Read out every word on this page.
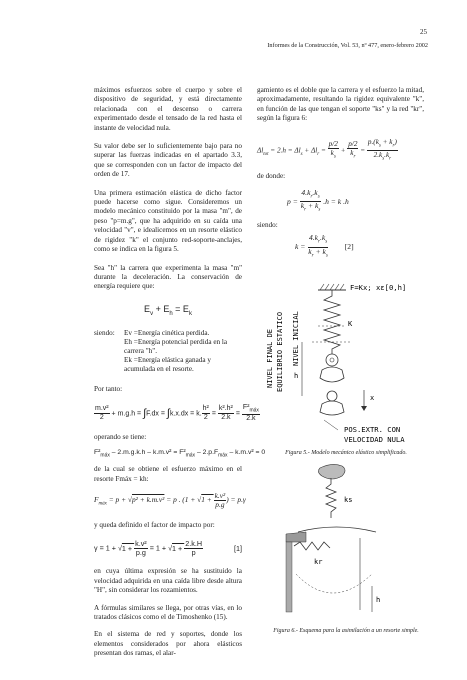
25
Informes de la Construcción, Vol. 53, nº 477, enero-febrero 2002

máximos esfuerzos sobre el cuerpo y sobre el dispositivo de seguridad, y está directamente relacionada con el descenso o carrera experimentado desde el tensado de la red hasta el instante de velocidad nula.

Su valor debe ser lo suficientemente bajo para no superar las fuerzas indicadas en el apartado 3.3, que se corresponden con un factor de impacto del orden de 17.

Una primera estimación elástica de dicho factor puede hacerse como sigue. Consideremos un modelo mecánico constituido por la masa "m", de peso "p=m.g", que ha adquirido en su caída una velocidad "v", e idealicemos en un resorte elástico de rigidez "k" el conjunto red-soporte-anclajes, como se indica en la figura 5.

Sea "h" la carrera que experimenta la masa "m" durante la deceleración. La conservación de energía requiere que:

$E_v + E_h = E_k$
siendo: Ev =Energía cinética perdida.
Eh =Energía potencial perdida en la carrera "h".
Ek =Energía elástica ganada y acumulada en el resorte.

Por tanto:

$\frac{\text{m.v²}}{2} + m.g.h = \int F.dx = \int k.x.dx = k$. $\frac{\text{h²}}{2} = \frac{\text{k².h²}}{2.k} = \frac{F^2_{máx}}{2.k}$

operando se tiene:

$F^2_{máx} - 2.m.g.k.h - k.m.v^2 = F^2_{máx} - 2.p.F_{máx} - k.m.v^2 = 0$

de la cual se obtiene el esfuerzo máximo en el resorte Fmáx = kh:

$F_{máx} = p + √p^2 + k.m.v^2 = p$ . ($1 + √1 + \frac{\text{k.v²}}{p.g}$ ) = p.γ

y queda definido el factor de impacto por:

$\gamma = 1 + √1 + \frac{\text{k.v²}}{p.g} = 1 + √1 + \frac{2.k.H}{p}$	[1]

en cuya última expresión se ha sustituido la velocidad adquirida en una caída libre desde altura "H", sin considerar los rozamientos.

A fórmulas similares se llega, por otras vías, en lo tratados clásicos como el de Timoshenko (15).

En el sistema de red y soportes, donde los elementos considerados por ahora elásticos presentan dos ramas, el alar-

gamiento es el doble que la carrera y el esfuerzo la mitad, aproximadamente, resultando la rigidez equivalente "k", en función de las que tengan el soporte "ks" y la red "kr", según la figura 6:

$\Delta l_{tot} = 2.h = \Delta l_s + \Delta l_r = \frac{p/2}{k_s} + \frac{p/2}{k_r} = \frac{p.(k_s + k_r)}{2.k_s.k_r}$

de donde:

$p = \frac{4.k_r.k_s}{k_r + k_s} .h = k$ .h

siendo:

$k = \frac{4.k_r.k_s}{k_r + k_s} [2]$
F=Kx; xε[0,h]
K
x
h
NIVEL FINAL DE EQUILIBRIO ESTATICO NIVEL INICIAL
POS.EXTR. CON
VELOCIDAD NULA
Figura 5.- Modelo mecánico elástico simplificado.
ks
kr
h
Figura 6.- Esquema para la asimilación a un resorte simple.
